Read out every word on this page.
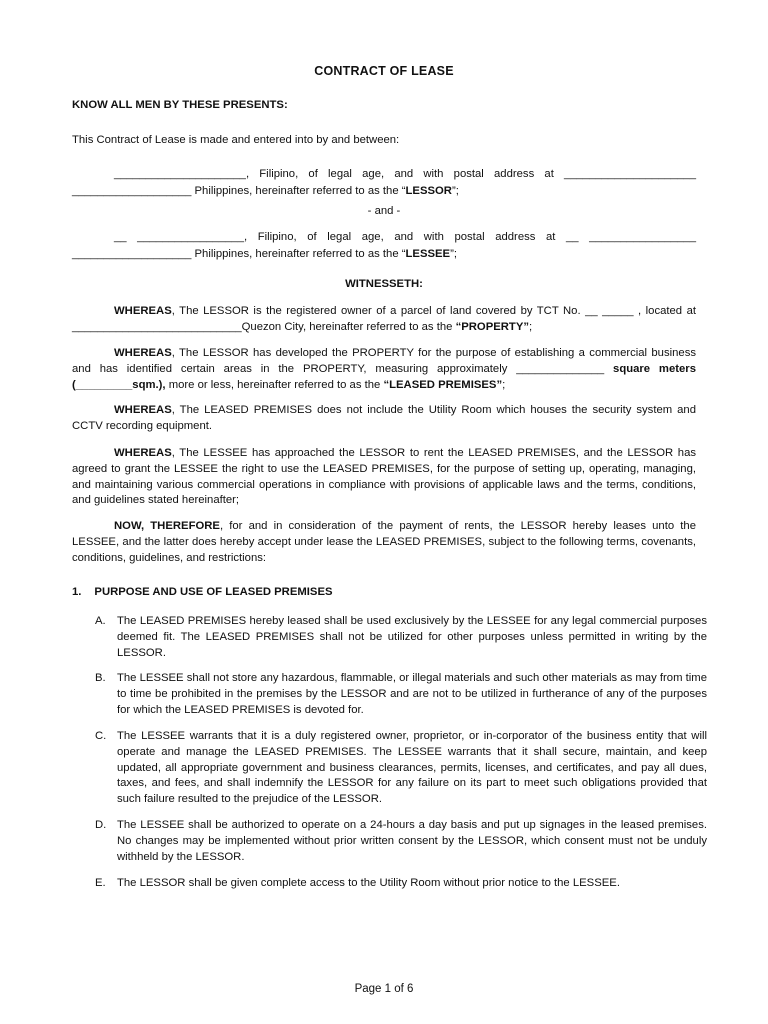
CONTRACT OF LEASE
KNOW ALL MEN BY THESE PRESENTS:
This Contract of Lease is made and entered into by and between:
_____________________, Filipino, of legal age, and with postal address at _____________________
___________________ Philippines, hereinafter referred to as the “LESSOR”;
- and -
__ _________________, Filipino, of legal age, and with postal address at __ _________________
___________________ Philippines, hereinafter referred to as the “LESSEE”;
WITNESSETH:
WHEREAS, The LESSOR is the registered owner of a parcel of land covered by TCT No. __ _____ , located at ___________________________Quezon City, hereinafter referred to as the “PROPERTY”;
WHEREAS, The LESSOR has developed the PROPERTY for the purpose of establishing a commercial business and has identified certain areas in the PROPERTY, measuring approximately ______________ square meters (_________sqm.), more or less, hereinafter referred to as the “LEASED PREMISES”;
WHEREAS, The LEASED PREMISES does not include the Utility Room which houses the security system and CCTV recording equipment.
WHEREAS, The LESSEE has approached the LESSOR to rent the LEASED PREMISES, and the LESSOR has agreed to grant the LESSEE the right to use the LEASED PREMISES, for the purpose of setting up, operating, managing, and maintaining various commercial operations in compliance with provisions of applicable laws and the terms, conditions, and guidelines stated hereinafter;
NOW, THEREFORE, for and in consideration of the payment of rents, the LESSOR hereby leases unto the LESSEE, and the latter does hereby accept under lease the LEASED PREMISES, subject to the following terms, covenants, conditions, guidelines, and restrictions:
1. PURPOSE AND USE OF LEASED PREMISES
A.	The LEASED PREMISES hereby leased shall be used exclusively by the LESSEE for any legal commercial purposes deemed fit. The LEASED PREMISES shall not be utilized for other purposes unless permitted in writing by the LESSOR.
B.	The LESSEE shall not store any hazardous, flammable, or illegal materials and such other materials as may from time to time be prohibited in the premises by the LESSOR and are not to be utilized in furtherance of any of the purposes for which the LEASED PREMISES is devoted for.
C. The LESSEE warrants that it is a duly registered owner, proprietor, or in-corporator of the business entity that will operate and manage the LEASED PREMISES. The LESSEE warrants that it shall secure, maintain, and keep updated, all appropriate government and business clearances, permits, licenses, and certificates, and pay all dues, taxes, and fees, and shall indemnify the LESSOR for any failure on its part to meet such obligations provided that such failure resulted to the prejudice of the LESSOR.
D. The LESSEE shall be authorized to operate on a 24-hours a day basis and put up signages in the leased premises. No changes may be implemented without prior written consent by the LESSOR, which consent must not be unduly withheld by the LESSOR.
E.	The LESSOR shall be given complete access to the Utility Room without prior notice to the LESSEE.
Page 1 of 6
